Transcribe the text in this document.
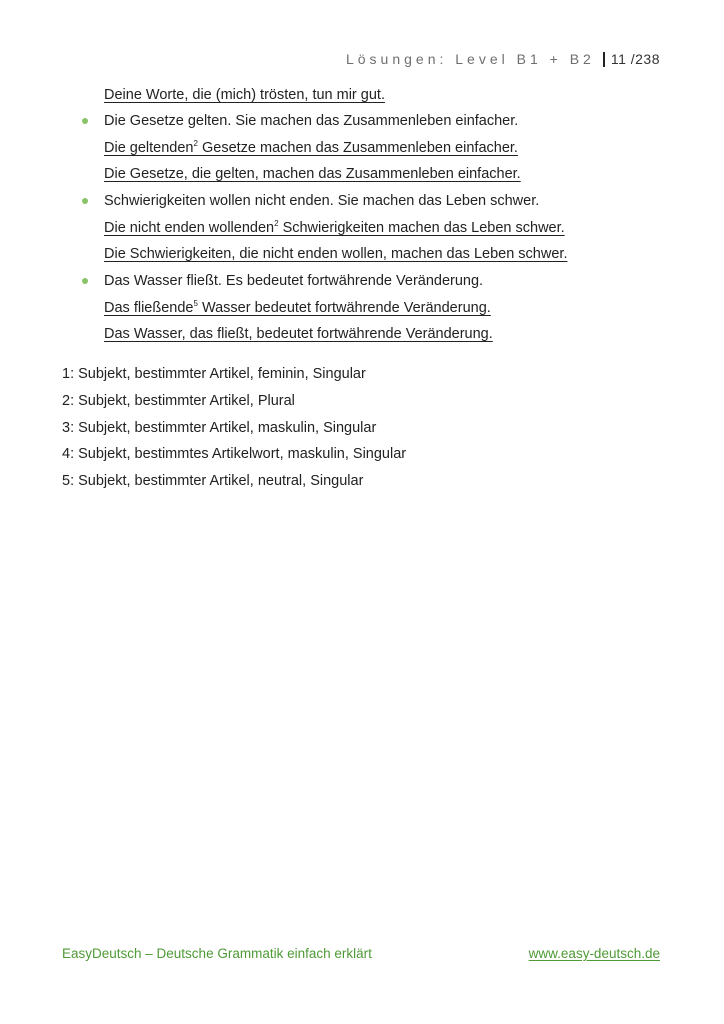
Lösungen: Level B1 + B2 11 /238
Deine Worte, die (mich) trösten, tun mir gut.
Die Gesetze gelten. Sie machen das Zusammenleben einfacher.
Die geltenden$^2$ Gesetze machen das Zusammenleben einfacher.
Die Gesetze, die gelten, machen das Zusammenleben einfacher.
Schwierigkeiten wollen nicht enden. Sie machen das Leben schwer.
Die nicht enden wollenden$^2$ Schwierigkeiten machen das Leben schwer.
Die Schwierigkeiten, die nicht enden wollen, machen das Leben schwer.
Das Wasser fließt. Es bedeutet fortwährende Veränderung.
Das fließende$^5$ Wasser bedeutet fortwährende Veränderung.
Das Wasser, das fließt, bedeutet fortwährende Veränderung.
1: Subjekt, bestimmter Artikel, feminin, Singular
2: Subjekt, bestimmter Artikel, Plural
3: Subjekt, bestimmter Artikel, maskulin, Singular
4: Subjekt, bestimmtes Artikelwort, maskulin, Singular
5: Subjekt, bestimmter Artikel, neutral, Singular
EasyDeutsch – Deutsche Grammatik einfach erklärt	www.easy-deutsch.de
